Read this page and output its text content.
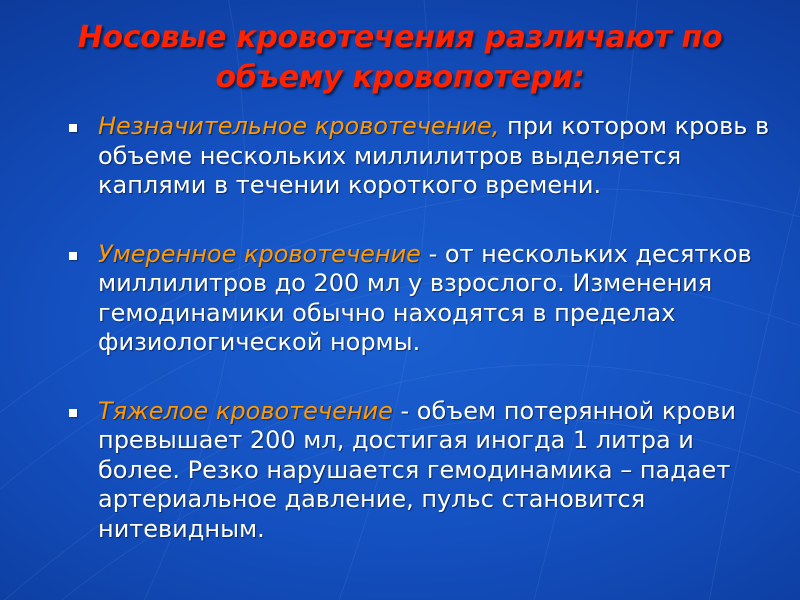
Носовые кровотечения различают по
объему кровопотери:
Незначительное кровотечение, при котором кровь в объеме нескольких миллилитров выделяется каплями в течении короткого времени.
Умеренное кровотечение - от нескольких десятков миллилитров до 200 мл у взрослого. Изменения гемодинамики обычно находятся в пределах физиологической нормы.
Тяжелое кровотечение - объем потерянной крови превышает 200 мл, достигая иногда 1 литра и более. Резко нарушается гемодинамика – падает артериальное давление, пульс становится нитевидным.
